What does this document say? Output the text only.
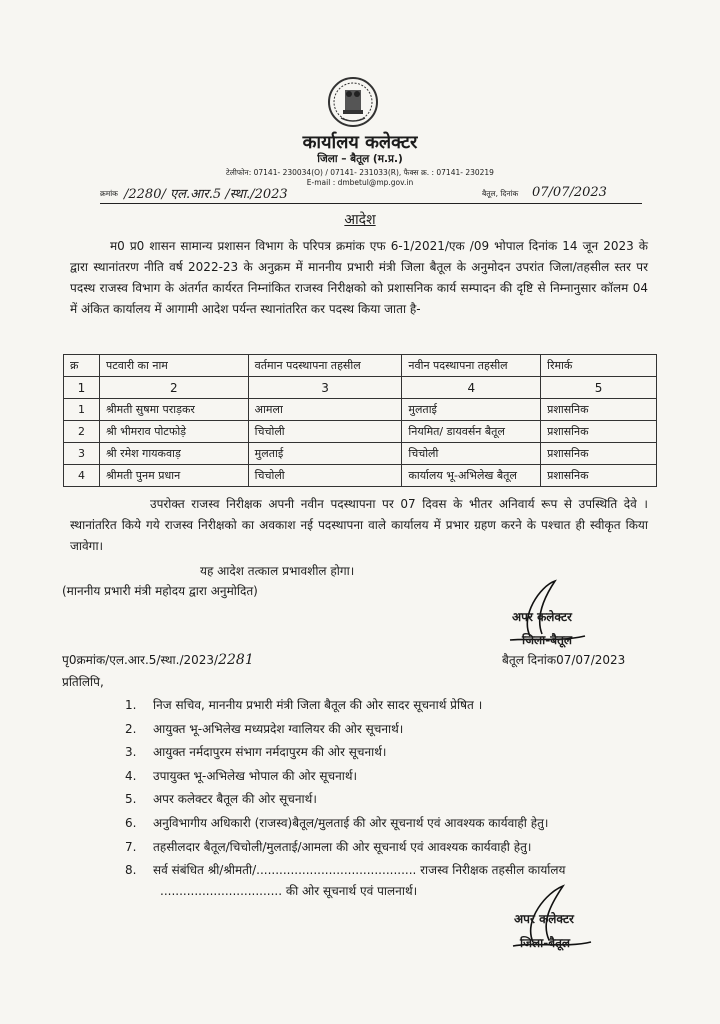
कार्यालय कलेक्टर
जिला – बैतूल (म.प्र.)
टेलीफोन: 07141- 230034(O) / 07141- 231033(R), फैक्स क्र. : 07141- 230219
E-mail : dmbetul@mp.gov.in
क्रमांक /2280/ एल.आर.5 /स्था./2023	बैतूल, दिनांक 07/07/2023
आदेश
म0 प्र0 शासन सामान्य प्रशासन विभाग के परिपत्र क्रमांक एफ 6-1/2021/एक /09 भोपाल दिनांक 14 जून 2023 के द्वारा स्थानांतरण नीति वर्ष 2022-23 के अनुक्रम में माननीय प्रभारी मंत्री जिला बैतूल के अनुमोदन उपरांत जिला/तहसील स्तर पर पदस्थ राजस्व विभाग के अंतर्गत कार्यरत निम्नांकित राजस्व निरीक्षको को प्रशासनिक कार्य सम्पादन की दृष्टि से निम्नानुसार कॉलम 04 में अंकित कार्यालय में आगामी आदेश पर्यन्त स्थानांतरित कर पदस्थ किया जाता है-
क्र	पटवारी का नाम	वर्तमान पदस्थापना तहसील	नवीन पदस्थापना तहसील	रिमार्क
1	2	3	4	5
1	श्रीमती सुषमा पराड़कर	आमला	मुलताई	प्रशासनिक
2	श्री भीमराव पोटफोड़े	चिचोली	नियमित/ डायवर्सन बैतूल	प्रशासनिक
3	श्री रमेश गायकवाड़	मुलताई	चिचोली	प्रशासनिक
4	श्रीमती पुनम प्रधान	चिचोली	कार्यालय भू-अभिलेख बैतूल	प्रशासनिक
उपरोक्त राजस्व निरीक्षक अपनी नवीन पदस्थापना पर 07 दिवस के भीतर अनिवार्य रूप से उपस्थिति देवे । स्थानांतरित किये गये राजस्व निरीक्षको का अवकाश नई पदस्थापना वाले कार्यालय में प्रभार ग्रहण करने के पश्चात ही स्वीकृत किया जावेगा।
यह आदेश तत्काल प्रभावशील होगा।
(माननीय प्रभारी मंत्री महोदय द्वारा अनुमोदित)
अपर कलेक्टर
जिला-बैतूल
पृ0क्रमांक/एल.आर.5/स्था./2023/2281	बैतूल दिनांक07/07/2023
प्रतिलिपि,
1. निज सचिव, माननीय प्रभारी मंत्री जिला बैतूल की ओर सादर सूचनार्थ प्रेषित ।
2. आयुक्त भू-अभिलेख मध्यप्रदेश ग्वालियर की ओर सूचनार्थ।
3. आयुक्त नर्मदापुरम संभाग नर्मदापुरम की ओर सूचनार्थ।
4. उपायुक्त भू-अभिलेख भोपाल की ओर सूचनार्थ।
5. अपर कलेक्टर बैतूल की ओर सूचनार्थ।
6. अनुविभागीय अधिकारी (राजस्व)बैतूल/मुलताई की ओर सूचनार्थ एवं आवश्यक कार्यवाही हेतु।
7. तहसीलदार बैतूल/चिचोली/मुलताई/आमला की ओर सूचनार्थ एवं आवश्यक कार्यवाही हेतु।
8. सर्व संबंधित श्री/श्रीमती/.......................................... राजस्व निरीक्षक तहसील कार्यालय
................................ की ओर सूचनार्थ एवं पालनार्थ।
अपर कलेक्टर
जिला-बैतूल
